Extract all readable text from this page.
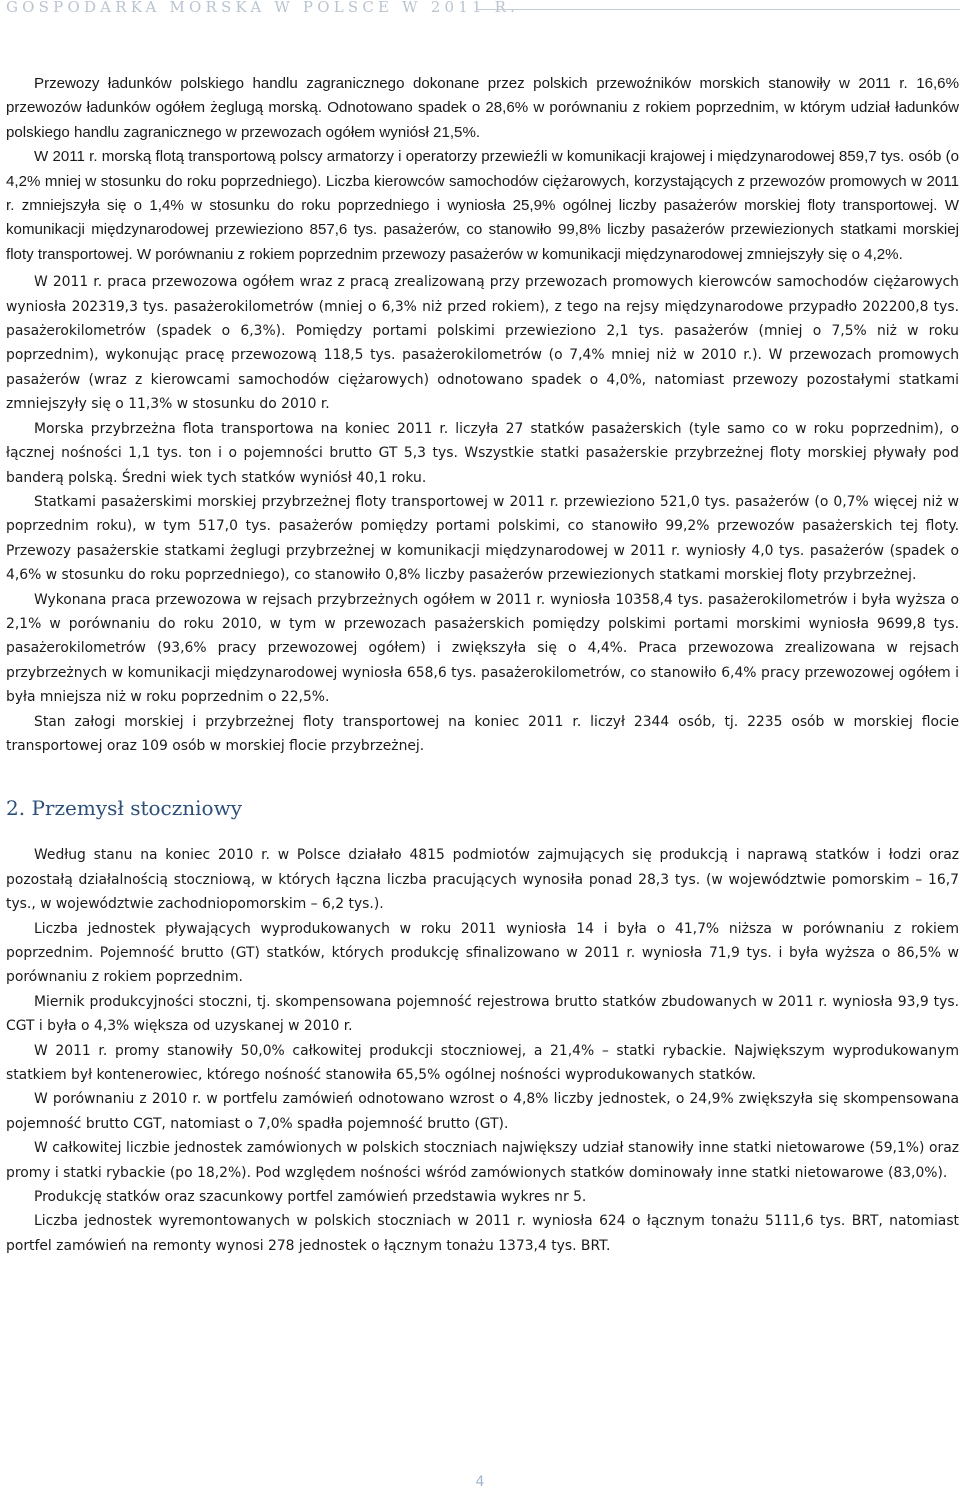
GOSPODARKA MORSKA W POLSCE W 2011 R.

Przewozy ładunków polskiego handlu zagranicznego dokonane przez polskich przewoźników morskich stanowiły w 2011 r. 16,6% przewozów ładunków ogółem żeglugą morską. Odnotowano spadek o 28,6% w porównaniu z rokiem poprzednim, w którym udział ładunków polskiego handlu zagranicznego w przewozach ogółem wyniósł 21,5%.

W 2011 r. morską flotą transportową polscy armatorzy i operatorzy przewieźli w komunikacji krajowej i międzynarodowej 859,7 tys. osób (o 4,2% mniej w stosunku do roku poprzedniego). Liczba kierowców samochodów ciężarowych, korzystających z przewozów promowych w 2011 r. zmniejszyła się o 1,4% w stosunku do roku poprzedniego i wyniosła 25,9% ogólnej liczby pasażerów morskiej floty transportowej. W komunikacji międzynarodowej przewieziono 857,6 tys. pasażerów, co stanowiło 99,8% liczby pasażerów przewiezionych statkami morskiej floty transportowej. W porównaniu z rokiem poprzednim przewozy pasażerów w komunikacji międzynarodowej zmniejszyły się o 4,2%.

W 2011 r. praca przewozowa ogółem wraz z pracą zrealizowaną przy przewozach promowych kierowców samochodów ciężarowych wyniosła 202319,3 tys. pasażerokilometrów (mniej o 6,3% niż przed rokiem), z tego na rejsy międzynarodowe przypadło 202200,8 tys. pasażerokilometrów (spadek o 6,3%). Pomiędzy portami polskimi przewieziono 2,1 tys. pasażerów (mniej o 7,5% niż w roku poprzednim), wykonując pracę przewozową 118,5 tys. pasażerokilometrów (o 7,4% mniej niż w 2010 r.). W przewozach promowych pasażerów (wraz z kierowcami samochodów ciężarowych) odnotowano spadek o 4,0%, natomiast przewozy pozostałymi statkami zmniejszyły się o 11,3% w stosunku do 2010 r.

Morska przybrzeżna flota transportowa na koniec 2011 r. liczyła 27 statków pasażerskich (tyle samo co w roku poprzednim), o łącznej nośności 1,1 tys. ton i o pojemności brutto GT 5,3 tys. Wszystkie statki pasażerskie przybrzeżnej floty morskiej pływały pod banderą polską. Średni wiek tych statków wyniósł 40,1 roku.

Statkami pasażerskimi morskiej przybrzeżnej floty transportowej w 2011 r. przewieziono 521,0 tys. pasażerów (o 0,7% więcej niż w poprzednim roku), w tym 517,0 tys. pasażerów pomiędzy portami polskimi, co stanowiło 99,2% przewozów pasażerskich tej floty. Przewozy pasażerskie statkami żeglugi przybrzeżnej w komunikacji międzynarodowej w 2011 r. wyniosły 4,0 tys. pasażerów (spadek o 4,6% w stosunku do roku poprzedniego), co stanowiło 0,8% liczby pasażerów przewiezionych statkami morskiej floty przybrzeżnej.

Wykonana praca przewozowa w rejsach przybrzeżnych ogółem w 2011 r. wyniosła 10358,4 tys. pasażerokilometrów i była wyższa o 2,1% w porównaniu do roku 2010, w tym w przewozach pasażerskich pomiędzy polskimi portami morskimi wyniosła 9699,8 tys. pasażerokilometrów (93,6% pracy przewozowej ogółem) i zwiększyła się o 4,4%. Praca przewozowa zrealizowana w rejsach przybrzeżnych w komunikacji międzynarodowej wyniosła 658,6 tys. pasażerokilometrów, co stanowiło 6,4% pracy przewozowej ogółem i była mniejsza niż w roku poprzednim o 22,5%.

Stan załogi morskiej i przybrzeżnej floty transportowej na koniec 2011 r. liczył 2344 osób, tj. 2235 osób w morskiej flocie transportowej oraz 109 osób w morskiej flocie przybrzeżnej.

2. Przemysł stoczniowy

Według stanu na koniec 2010 r. w Polsce działało 4815 podmiotów zajmujących się produkcją i naprawą statków i łodzi oraz pozostałą działalnością stoczniową, w których łączna liczba pracujących wynosiła ponad 28,3 tys. (w województwie pomorskim – 16,7 tys., w województwie zachodniopomorskim – 6,2 tys.).

Liczba jednostek pływających wyprodukowanych w roku 2011 wyniosła 14 i była o 41,7% niższa w porównaniu z rokiem poprzednim. Pojemność brutto (GT) statków, których produkcję sfinalizowano w 2011 r. wyniosła 71,9 tys. i była wyższa o 86,5% w porównaniu z rokiem poprzednim.

Miernik produkcyjności stoczni, tj. skompensowana pojemność rejestrowa brutto statków zbudowanych w 2011 r. wyniosła 93,9 tys. CGT i była o 4,3% większa od uzyskanej w 2010 r.

W 2011 r. promy stanowiły 50,0% całkowitej produkcji stoczniowej, a 21,4% – statki rybackie. Największym wyprodukowanym statkiem był kontenerowiec, którego nośność stanowiła 65,5% ogólnej nośności wyprodukowanych statków.

W porównaniu z 2010 r. w portfelu zamówień odnotowano wzrost o 4,8% liczby jednostek, o 24,9% zwiększyła się skompensowana pojemność brutto CGT, natomiast o 7,0% spadła pojemność brutto (GT).

W całkowitej liczbie jednostek zamówionych w polskich stoczniach największy udział stanowiły inne statki nietowarowe (59,1%) oraz promy i statki rybackie (po 18,2%). Pod względem nośności wśród zamówionych statków dominowały inne statki nietowarowe (83,0%).

Produkcję statków oraz szacunkowy portfel zamówień przedstawia wykres nr 5.

Liczba jednostek wyremontowanych w polskich stoczniach w 2011 r. wyniosła 624 o łącznym tonażu 5111,6 tys. BRT, natomiast portfel zamówień na remonty wynosi 278 jednostek o łącznym tonażu 1373,4 tys. BRT.

4
